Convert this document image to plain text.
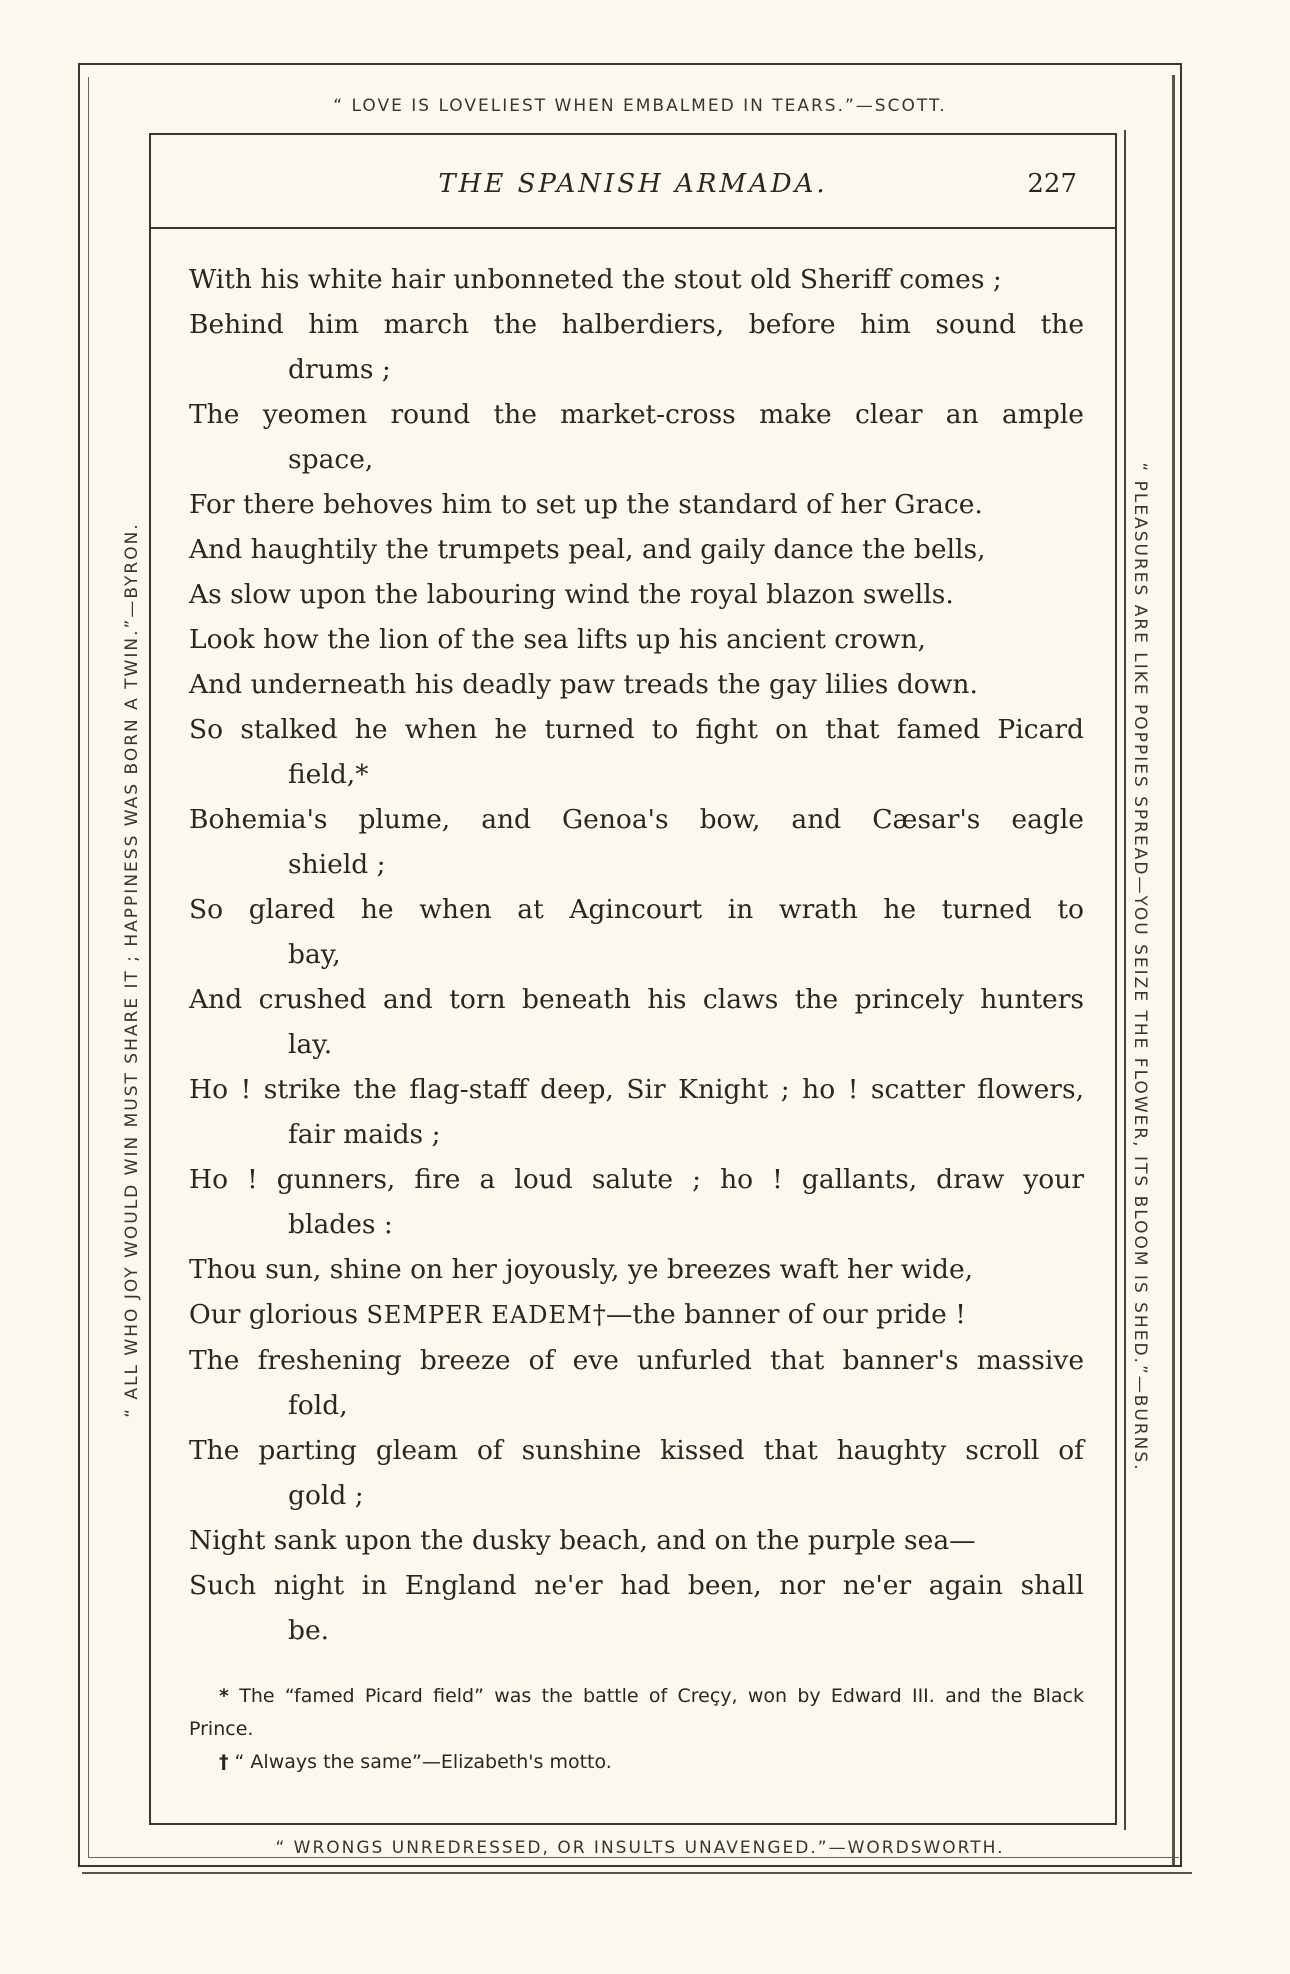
“ LOVE IS LOVELIEST WHEN EMBALMED IN TEARS.”—SCOTT.
“ WRONGS UNREDRESSED, OR INSULTS UNAVENGED.”—WORDSWORTH.
“ ALL WHO JOY WOULD WIN MUST SHARE IT ; HAPPINESS WAS BORN A TWIN.”—BYRON.	“ PLEASURES ARE LIKE POPPIES SPREAD—YOU SEIZE THE FLOWER, ITS BLOOM IS SHED.”—BURNS.
THE SPANISH ARMADA.	227

With his white hair unbonneted the stout old Sheriff comes ;

Behind him march the halberdiers, before him sound the

drums ;

The yeomen round the market-cross make clear an ample

space,

For there behoves him to set up the standard of her Grace.

And haughtily the trumpets peal, and gaily dance the bells,

As slow upon the labouring wind the royal blazon swells.

Look how the lion of the sea lifts up his ancient crown,

And underneath his deadly paw treads the gay lilies down.

So stalked he when he turned to fight on that famed Picard

field,*

Bohemia's plume, and Genoa's bow, and Cæsar's eagle

shield ;

So glared he when at Agincourt in wrath he turned to

bay,

And crushed and torn beneath his claws the princely hunters

lay.

Ho ! strike the flag-staff deep, Sir Knight ; ho ! scatter flowers,

fair maids ;

Ho ! gunners, fire a loud salute ; ho ! gallants, draw your

blades :

Thou sun, shine on her joyously, ye breezes waft her wide,

Our glorious SEMPER EADEM†—the banner of our pride !

The freshening breeze of eve unfurled that banner's massive

fold,

The parting gleam of sunshine kissed that haughty scroll of

gold ;

Night sank upon the dusky beach, and on the purple sea—

Such night in England ne'er had been, nor ne'er again shall

be.

* The “famed Picard field” was the battle of Creçy, won by Edward III. and the Black Prince.

† “ Always the same”—Elizabeth's motto.
